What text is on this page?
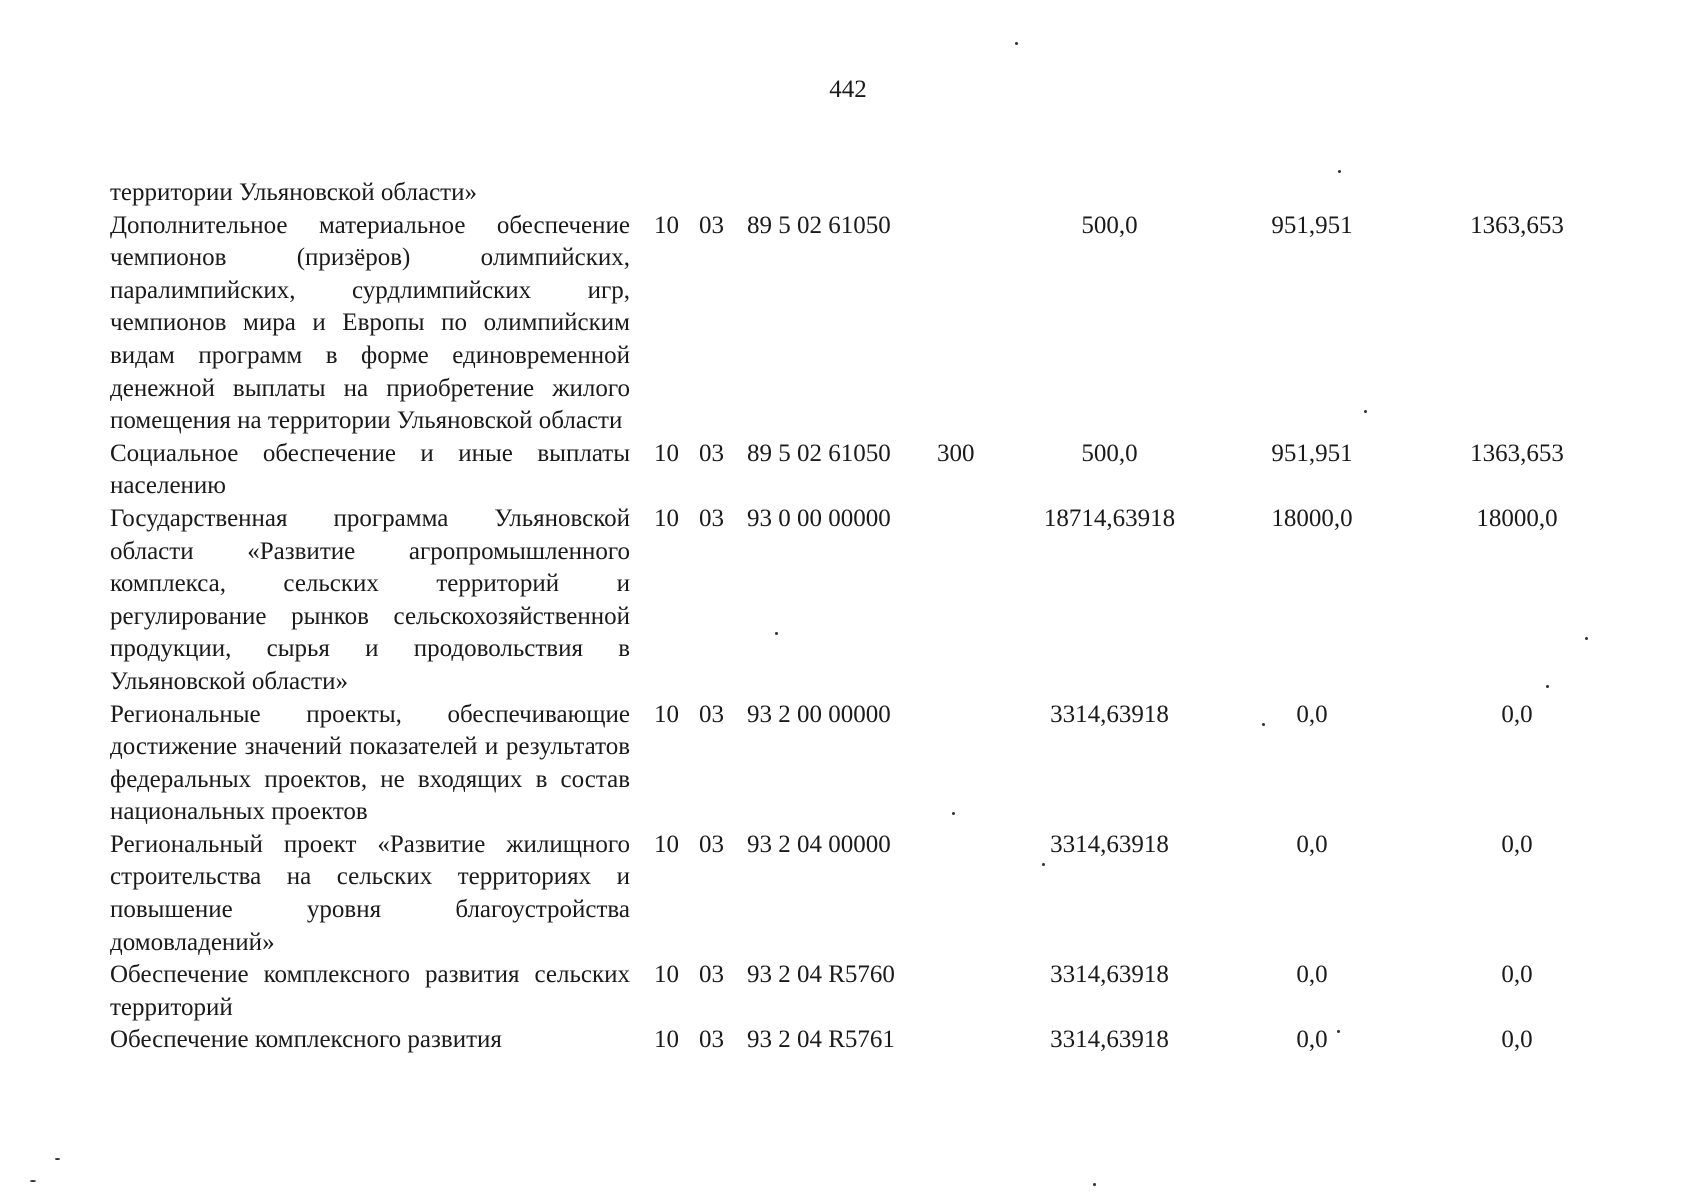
442
территории Ульяновской области»							
Дополнительное материальное обеспечение чемпионов (призёров) олимпийских, паралимпийских, сурдлимпийских игр, чемпионов мира и Европы по олимпийским видам программ в форме единовременной денежной выплаты на приобретение жилого помещения на территории Ульяновской области	10	03	89 5 02 61050		500,0	951,951	1363,653
Социальное обеспечение и иные выплаты населению	10	03	89 5 02 61050	300	500,0	951,951	1363,653
Государственная программа Ульяновской области «Развитие агропромышленного комплекса, сельских территорий и регулирование рынков сельскохозяйственной продукции, сырья и продовольствия в Ульяновской области»	10	03	93 0 00 00000		18714,63918	18000,0	18000,0
Региональные проекты, обеспечивающие достижение значений показателей и результатов федеральных проектов, не входящих в состав национальных проектов	10	03	93 2 00 00000		3314,63918	0,0	0,0
Региональный проект «Развитие жилищного строительства на сельских территориях и повышение уровня благоустройства домовладений»	10	03	93 2 04 00000		3314,63918	0,0	0,0
Обеспечение комплексного развития сельских территорий	10	03	93 2 04 R5760		3314,63918	0,0	0,0
Обеспечение комплексного развития	10	03	93 2 04 R5761		3314,63918	0,0	0,0
